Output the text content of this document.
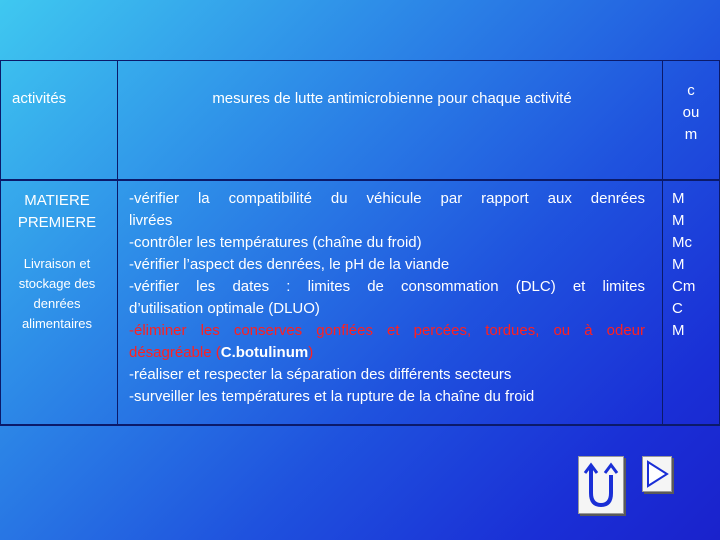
activités	mesures de lutte antimicrobienne pour chaque activité	c
ou
m
MATIERE
PREMIERE
Livraison et
stockage des
denrées
alimentaires
-vérifier la compatibilité du véhicule par rapport aux denrées
livrées
-contrôler les températures (chaîne du froid)
-vérifier l’aspect des denrées, le pH de la viande
-vérifier les dates : limites de consommation (DLC) et limites
d’utilisation optimale (DLUO)
-éliminer les conserves gonflées et percées, tordues, ou à odeur
désagréable (C.botulinum)
-réaliser et respecter la séparation des différents secteurs
-surveiller les températures et la rupture de la chaîne du froid
M
M
Mc
M
Cm
C
M
